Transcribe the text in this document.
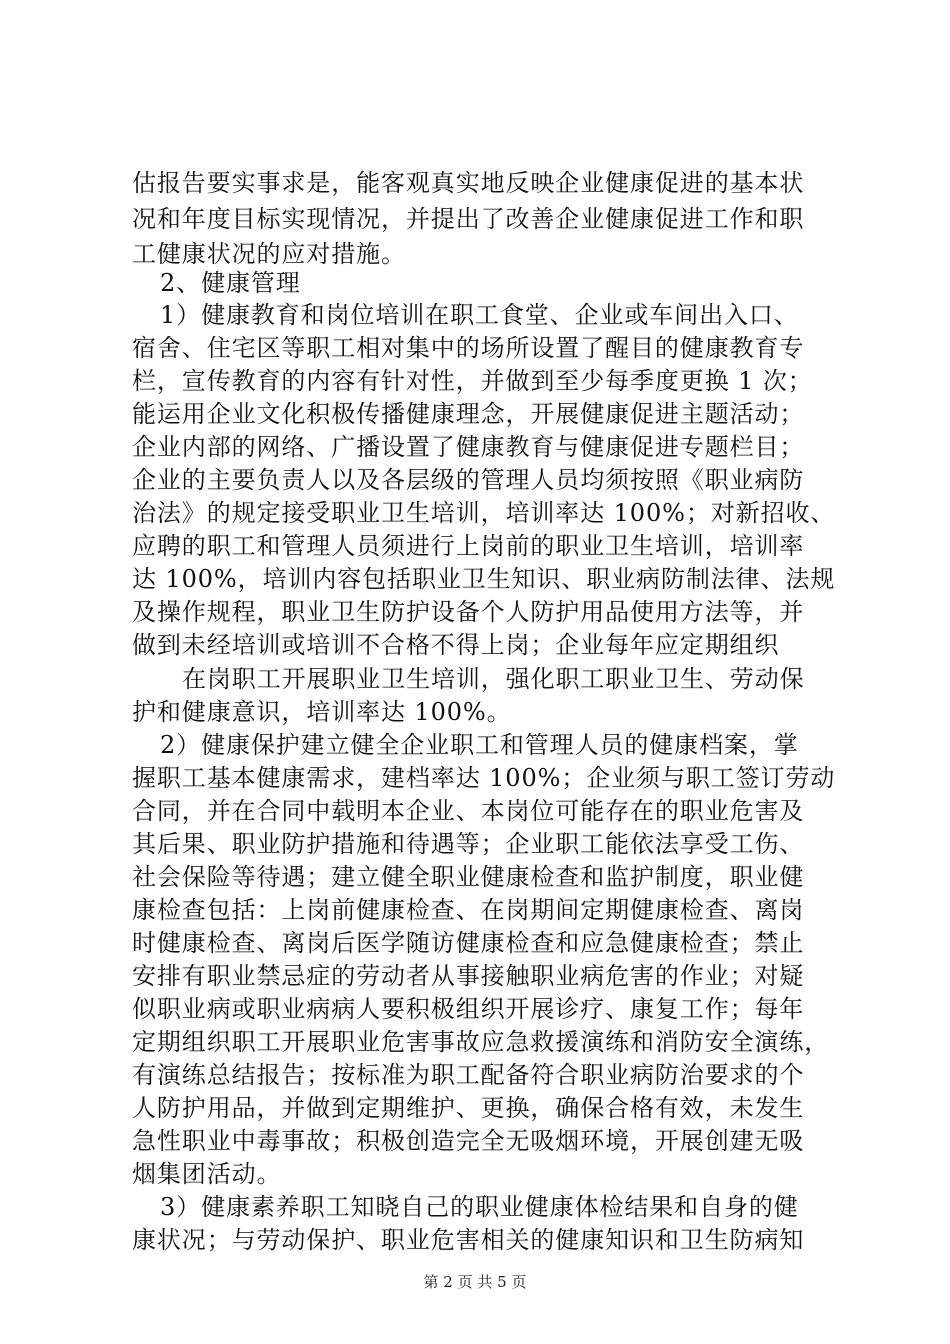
估报告要实事求是，能客观真实地反映企业健康促进的基本状
况和年度目标实现情况，并提出了改善企业健康促进工作和职
工健康状况的应对措施。
2、健康管理
1）健康教育和岗位培训在职工食堂、企业或车间出入口、
宿舍、住宅区等职工相对集中的场所设置了醒目的健康教育专
栏，宣传教育的内容有针对性，并做到至少每季度更换 1 次；
能运用企业文化积极传播健康理念，开展健康促进主题活动；
企业内部的网络、广播设置了健康教育与健康促进专题栏目；
企业的主要负责人以及各层级的管理人员均须按照《职业病防
治法》的规定接受职业卫生培训，培训率达 100%；对新招收、
应聘的职工和管理人员须进行上岗前的职业卫生培训，培训率
达 100%，培训内容包括职业卫生知识、职业病防制法律、法规
及操作规程，职业卫生防护设备个人防护用品使用方法等，并
做到未经培训或培训不合格不得上岗；企业每年应定期组织
在岗职工开展职业卫生培训，强化职工职业卫生、劳动保
护和健康意识，培训率达 100%。
2）健康保护建立健全企业职工和管理人员的健康档案，掌
握职工基本健康需求，建档率达 100%；企业须与职工签订劳动
合同，并在合同中载明本企业、本岗位可能存在的职业危害及
其后果、职业防护措施和待遇等；企业职工能依法享受工伤、
社会保险等待遇；建立健全职业健康检查和监护制度，职业健
康检查包括：上岗前健康检查、在岗期间定期健康检查、离岗
时健康检查、离岗后医学随访健康检查和应急健康检查；禁止
安排有职业禁忌症的劳动者从事接触职业病危害的作业；对疑
似职业病或职业病病人要积极组织开展诊疗、康复工作；每年
定期组织职工开展职业危害事故应急救援演练和消防安全演练，
有演练总结报告；按标准为职工配备符合职业病防治要求的个
人防护用品，并做到定期维护、更换，确保合格有效，未发生
急性职业中毒事故；积极创造完全无吸烟环境，开展创建无吸
烟集团活动。
3）健康素养职工知晓自己的职业健康体检结果和自身的健
康状况；与劳动保护、职业危害相关的健康知识和卫生防病知
第 2 页 共 5 页
